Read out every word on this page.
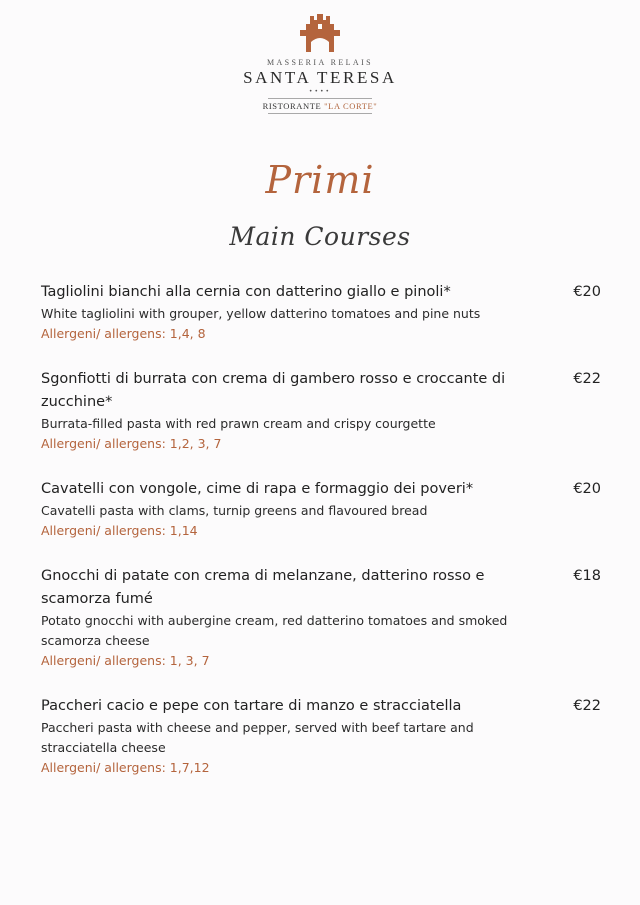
MASSERIA RELAIS
SANTA TERESA
••••
RISTORANTE "LA CORTE"
Primi
Main Courses
Tagliolini bianchi alla cernia con datterino giallo e pinoli*	€20
White tagliolini with grouper, yellow datterino tomatoes and pine nuts
Allergeni/ allergens: 1,4, 8
Sgonfiotti di burrata con crema di gambero rosso e croccante di zucchine*
€22
Burrata-filled pasta with red prawn cream and crispy courgette
Allergeni/ allergens: 1,2, 3, 7
Cavatelli con vongole, cime di rapa e formaggio dei poveri*	€20
Cavatelli pasta with clams, turnip greens and flavoured bread
Allergeni/ allergens: 1,14
Gnocchi di patate con crema di melanzane, datterino rosso e scamorza fumé
€18
Potato gnocchi with aubergine cream, red datterino tomatoes and smoked scamorza cheese
Allergeni/ allergens: 1, 3, 7
Paccheri cacio e pepe con tartare di manzo e stracciatella	€22
Paccheri pasta with cheese and pepper, served with beef tartare and stracciatella cheese
Allergeni/ allergens: 1,7,12
